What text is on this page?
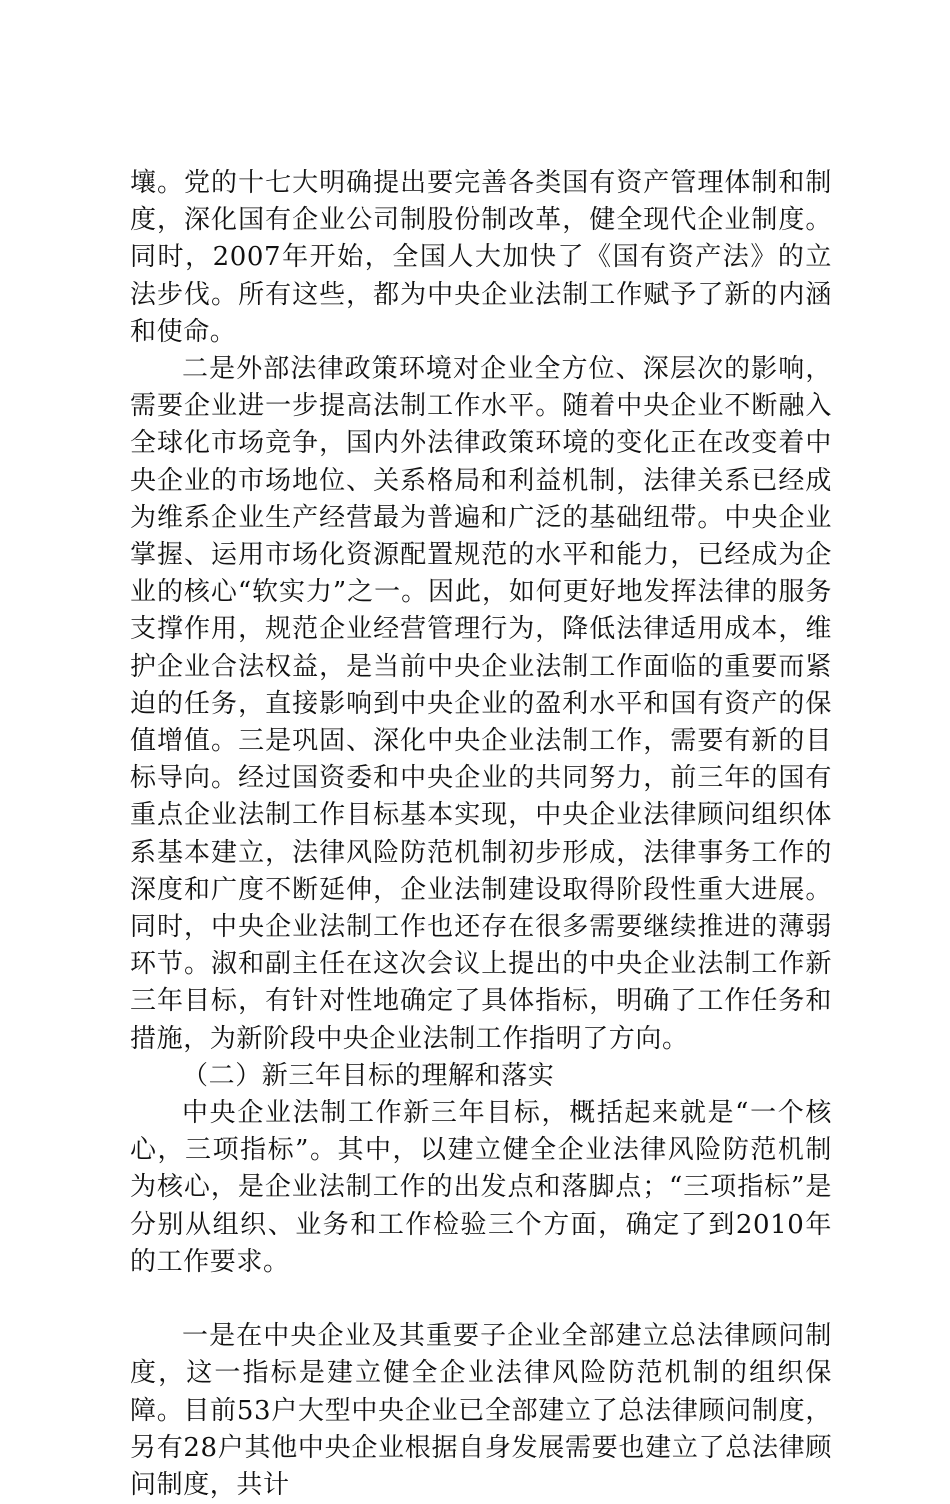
壤。党的十七大明确提出要完善各类国有资产管理体制和制度，深化国有企业公司制股份制改革，健全现代企业制度。同时，2007年开始，全国人大加快了《国有资产法》的立法步伐。所有这些，都为中央企业法制工作赋予了新的内涵和使命。

二是外部法律政策环境对企业全方位、深层次的影响，需要企业进一步提高法制工作水平。随着中央企业不断融入全球化市场竞争，国内外法律政策环境的变化正在改变着中央企业的市场地位、关系格局和利益机制，法律关系已经成为维系企业生产经营最为普遍和广泛的基础纽带。中央企业掌握、运用市场化资源配置规范的水平和能力，已经成为企业的核心“软实力”之一。因此，如何更好地发挥法律的服务支撑作用，规范企业经营管理行为，降低法律适用成本，维护企业合法权益，是当前中央企业法制工作面临的重要而紧迫的任务，直接影响到中央企业的盈利水平和国有资产的保值增值。三是巩固、深化中央企业法制工作，需要有新的目标导向。经过国资委和中央企业的共同努力，前三年的国有重点企业法制工作目标基本实现，中央企业法律顾问组织体系基本建立，法律风险防范机制初步形成，法律事务工作的深度和广度不断延伸，企业法制建设取得阶段性重大进展。同时，中央企业法制工作也还存在很多需要继续推进的薄弱环节。淑和副主任在这次会议上提出的中央企业法制工作新三年目标，有针对性地确定了具体指标，明确了工作任务和措施，为新阶段中央企业法制工作指明了方向。

（二）新三年目标的理解和落实

中央企业法制工作新三年目标，概括起来就是“一个核心，三项指标”。其中，以建立健全企业法律风险防范机制为核心，是企业法制工作的出发点和落脚点；“三项指标”是分别从组织、业务和工作检验三个方面，确定了到2010年的工作要求。

一是在中央企业及其重要子企业全部建立总法律顾问制度，这一指标是建立健全企业法律风险防范机制的组织保障。目前53户大型中央企业已全部建立了总法律顾问制度，另有28户其他中央企业根据自身发展需要也建立了总法律顾问制度，共计
